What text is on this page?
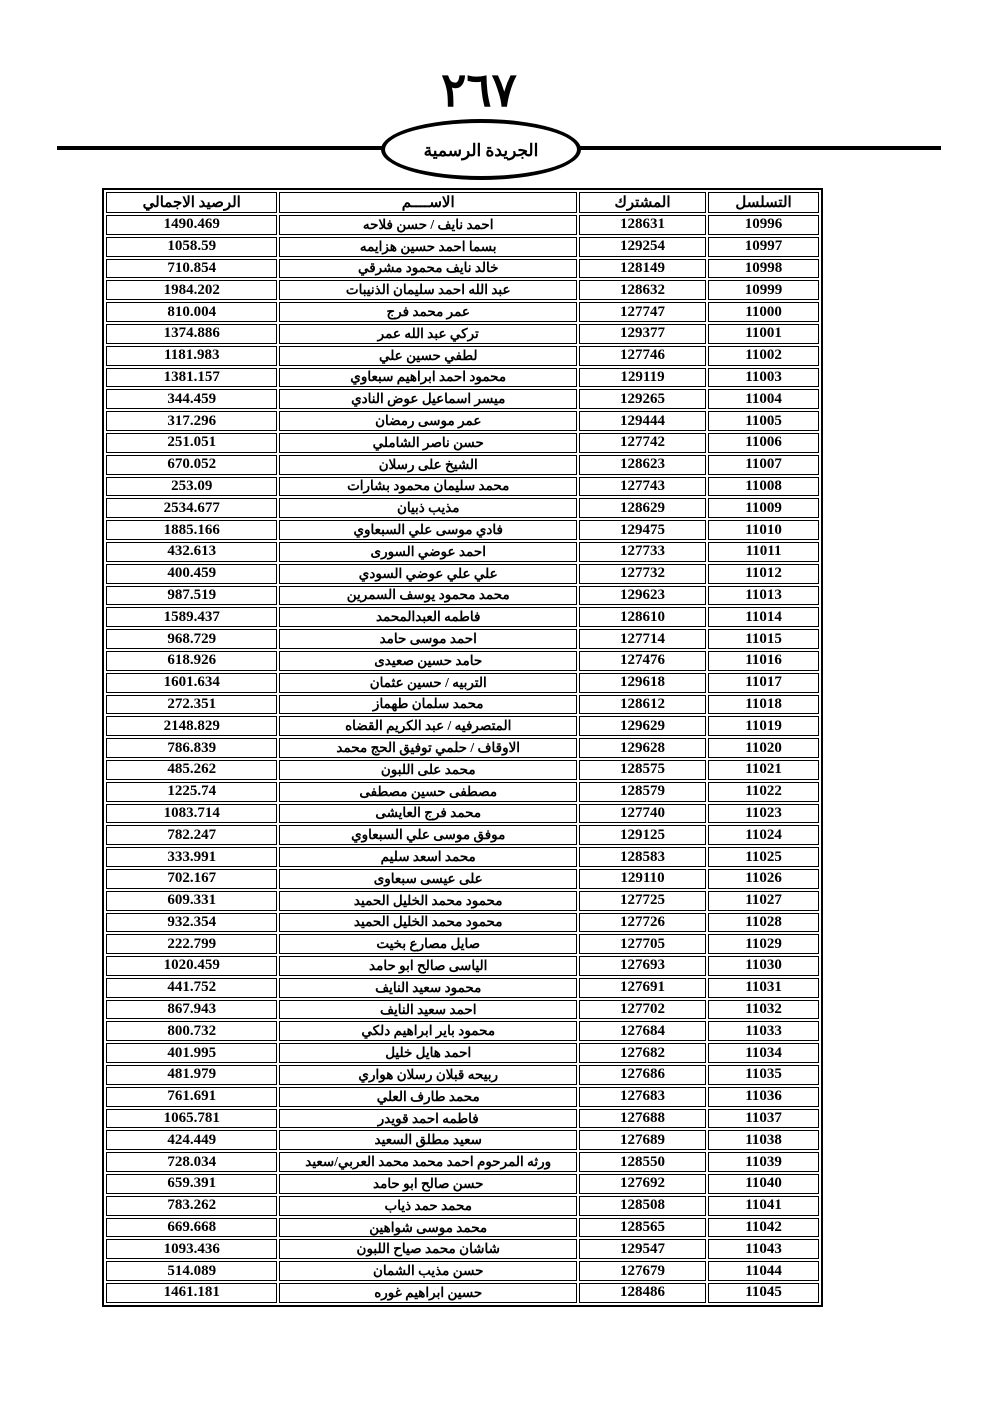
٢٦٧
الجريدة الرسمية
التسلسل	المشترك	الاســــم	الرصيد الاجمالي
10996	128631	احمد نايف / حسن فلاحه	1490.469
10997	129254	بسما احمد حسين هزايمه	1058.59
10998	128149	خالد نايف محمود مشرقي	710.854
10999	128632	عبد الله احمد سليمان الذنيبات	1984.202
11000	127747	عمر محمد فرج	810.004
11001	129377	تركي عبد الله عمر	1374.886
11002	127746	لطفي حسين علي	1181.983
11003	129119	محمود احمد ابراهيم سبعاوي	1381.157
11004	129265	ميسر اسماعيل عوض النادي	344.459
11005	129444	عمر موسى رمضان	317.296
11006	127742	حسن ناصر الشاملي	251.051
11007	128623	الشيخ على رسلان	670.052
11008	127743	محمد سليمان محمود بشارات	253.09
11009	128629	مذيب ذبيان	2534.677
11010	129475	فادي موسى علي السبعاوي	1885.166
11011	127733	احمد عوضي السورى	432.613
11012	127732	علي علي عوضي السودي	400.459
11013	129623	محمد محمود يوسف السمرين	987.519
11014	128610	فاطمه العبدالمحمد	1589.437
11015	127714	احمد موسى حامد	968.729
11016	127476	حامد حسين صعيدى	618.926
11017	129618	التربيه / حسين عثمان	1601.634
11018	128612	محمد سلمان طهماز	272.351
11019	129629	المتصرفيه / عبد الكريم القضاه	2148.829
11020	129628	الاوقاف / حلمي توفيق الحج محمد	786.839
11021	128575	محمد على اللبون	485.262
11022	128579	مصطفى حسين مصطفى	1225.74
11023	127740	محمد فرج العايشى	1083.714
11024	129125	موفق موسى علي السبعاوي	782.247
11025	128583	محمد اسعد سليم	333.991
11026	129110	على عيسى سبعاوى	702.167
11027	127725	محمود محمد الخليل الحميد	609.331
11028	127726	محمود محمد الخليل الحميد	932.354
11029	127705	صايل مصارع بخيت	222.799
11030	127693	الياسى صالح ابو حامد	1020.459
11031	127691	محمود سعيد النايف	441.752
11032	127702	احمد سعيد النايف	867.943
11033	127684	محمود باير ابراهيم دلكي	800.732
11034	127682	احمد هايل خليل	401.995
11035	127686	ربيحه قبلان رسلان هواري	481.979
11036	127683	محمد طارف العلي	761.691
11037	127688	فاطمه احمد قويدر	1065.781
11038	127689	سعيد مطلق السعيد	424.449
11039	128550	ورثه المرحوم احمد محمد محمد العربي/سعيد	728.034
11040	127692	حسن صالح ابو حامد	659.391
11041	128508	محمد حمد ذياب	783.262
11042	128565	محمد موسى شواهين	669.668
11043	129547	شاشان محمد صياح اللبون	1093.436
11044	127679	حسن مذيب الشمان	514.089
11045	128486	حسين ابراهيم غوره	1461.181
